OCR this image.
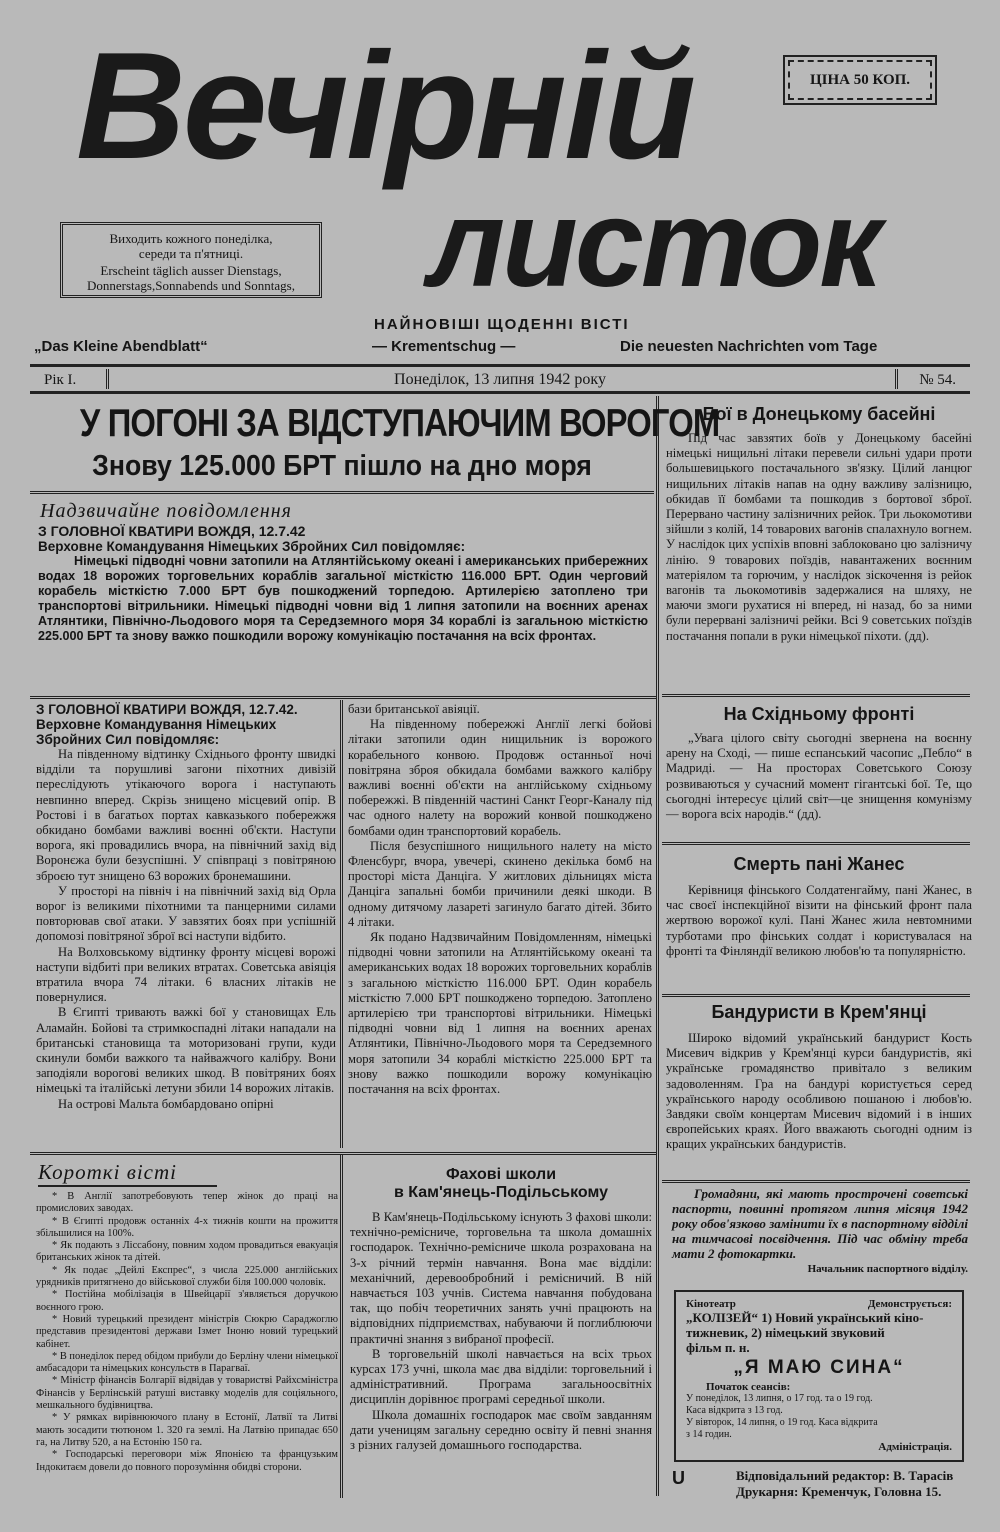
Вечірній
листок
ЦІНА 50 КОП.
Виходить кожного понеділка,
середи та п'ятниці.
Erscheint täglich ausser Dienstags,
Donnerstags,Sonnabends und Sonntags,
НАЙНОВІШІ ЩОДЕННІ ВІСТІ
„Das Kleine Abendblatt“	— Krementschug —	Die neuesten Nachrichten vom Tage
Рік І.	Понеділок, 13 липня 1942 року	№ 54.
У ПОГОНІ ЗА ВІДСТУПАЮЧИМ ВОРОГОМ
Знову 125.000 БРТ пішло на дно моря
Надзвичайне повідомлення
З ГОЛОВНОЇ КВАТИРИ ВОЖДЯ, 12.7.42
Верховне Командування Німецьких Збройних Сил повідомляє:

Німецькі підводні човни затопили на Атлянтійському океані і американських прибережних водах 18 ворожих торговельних кораблів загальної місткістю 116.000 БРТ. Один черговий корабель місткістю 7.000 БРТ був пошкоджений торпедою. Артилерією затоплено три транспортові вітрильники. Німецькі підводні човни від 1 липня затопили на воєнних аренах Атлянтики, Північно-Льодового моря та Середземного моря 34 кораблі із загальною місткістю 225.000 БРТ та знову важко пошкодили ворожу комунікацію постачання на всіх фронтах.

З ГОЛОВНОЇ КВАТИРИ ВОЖДЯ, 12.7.42.
Верховне Командування Німецьких Збройних Сил повідомляє:

На південному відтинку Східнього фронту швидкі відділи та порушливі загони піхотних дивізій переслідують утікаючого ворога і наступають невпинно вперед. Скрізь знищено місцевий опір. В Ростові і в багатьох портах кавказького побережжя обкидано бомбами важливі воєнні об'єкти. Наступи ворога, які провадились вчора, на північний захід від Воронєжа були безуспішні. У співпраці з повітряною зброєю тут знищено 63 ворожих бронемашини.

У просторі на північ і на північний захід від Орла ворог із великими піхотними та панцерними силами повторював свої атаки. У завзятих боях при успішній допомозі повітряної зброї всі наступи відбито.

На Волховському відтинку фронту місцеві ворожі наступи відбиті при великих втратах. Советська авіяція втратила вчора 74 літаки. 6 власних літаків не повернулися.

В Єгипті тривають важкі бої у становищах Ель Аламайн. Бойові та стримкоспадні літаки нападали на британські становища та моторизовані групи, куди скинули бомби важкого та найважчого калібру. Вони заподіяли ворогові великих шкод. В повітряних боях німецькі та італійські летуни збили 14 ворожих літаків.

На острові Мальта бомбардовано опірні

бази британської авіяції.

На південному побережжі Англії легкі бойові літаки затопили один нищильник із ворожого корабельного конвою. Продовж останньої ночі повітряна зброя обкидала бомбами важкого калібру важливі воєнні об'єкти на англійському східньому побережжі. В південній частині Санкт Георг-Каналу під час одного налету на ворожий конвой пошкоджено бомбами один транспортовий корабель.

Після безуспішного нищильного налету на місто Фленсбург, вчора, увечері, скинено декілька бомб на просторі міста Данціга. У житлових дільницях міста Данціга запальні бомби причинили деякі шкоди. В одному дитячому лазареті загинуло багато дітей. Збито 4 літаки.

Як подано Надзвичайним Повідомленням, німецькі підводні човни затопили на Атлянтійському океані та американських водах 18 ворожих торговельних кораблів з загальною місткістю 116.000 БРТ. Один корабель місткістю 7.000 БРТ пошкоджено торпедою. Затоплено артилерією три транспортові вітрильники. Німецькі підводні човни від 1 липня на воєнних аренах Атлянтики, Північно-Льодового моря та Середземного моря затопили 34 кораблі місткістю 225.000 БРТ та знову важко пошкодили ворожу комунікацію постачання на всіх фронтах.

Короткі вісті

* В Англії запотребовують тепер жінок до праці на промислових заводах.

* В Єгипті продовж останніх 4-х тижнів кошти на прожиття збільшилися на 100%.

* Як подають з Ліссабону, повним ходом провадиться евакуація британських жінок та дітей.

* Як подає „Дейлі Експрес“, з числа 225.000 англійських урядників притягнено до військової служби біля 100.000 чоловік.

* Постійна мобілізація в Швейцарії з'являється доручкою воєнного грою.

* Новий турецький президент міністрів Сюкрю Сараджоглю представив президентові держави Ізмет Іноню новий турецький кабінет.

* В понеділок перед обідом прибули до Берліну члени німецької амбасадори та німецьких консульств в Парагваї.

* Міністр фінансів Болгарії відвідав у товаристві Райхсміністра Фінансів у Берлінській ратуші виставку моделів для соціяльного, мешкального будівництва.

* У рямках вирівнюючого плану в Естонії, Латвії та Литві мають зосадити тютюном 1. 320 га землі. На Латвію припадає 650 га, на Литву 520, а на Естонію 150 га.

* Господарські переговори між Японією та французьким Індокитаєм довели до повного порозуміння обидві сторони.

Фахові школи
в Кам'янець-Подільському

В Кам'янець-Подільському існують 3 фахові школи: технічно-ремісниче, торговельна та школа домашніх господарок. Технічно-ремісниче школа розрахована на 3-х річний термін навчання. Вона має відділи: механічний, деревообробний і ремісничий. В ній навчається 103 учнів. Система навчання побудована так, що побіч теоретичних занять учні працюють на відповідних підприємствах, набуваючи й поглиблюючи практичні знання з вибраної професії.

В торговельній школі навчається на всіх трьох курсах 173 учні, школа має два відділи: торговельний і адміністративний. Програма загальноосвітніх дисциплін дорівнює програмі середньої школи.

Школа домашніх господарок має своїм завданням дати ученицям загальну середню освіту й певні знання з різних галузей домашнього господарства.

Бої в Донецькому басейні

Під час завзятих боїв у Донецькому басейні німецькі нищильні літаки перевели сильні удари проти большевицького постачального зв'язку. Цілий ланцюг нищильних літаків напав на одну важливу залізницю, обкидав її бомбами та пошкодив з бортової зброї. Перервано частину залізничних рейок. Три льокомотиви зійшли з колій, 14 товарових вагонів спалахнуло вогнем. У наслідок цих успіхів вповні заблоковано цю залізничу лінію. 9 товарових поїздів, навантажених воєнним матеріялом та горючим, у наслідок зіскочення із рейок вагонів та льокомотивів задержалися на шляху, не маючи змоги рухатися ні вперед, ні назад, бо за ними були перервані залізничі рейки. Всі 9 советських поїздів постачання попали в руки німецької піхоти. (дд).

На Східньому фронті

„Увага цілого світу сьогодні звернена на воєнну арену на Сході, — пише еспанський часопис „Пебло“ в Мадриді. — На просторах Советського Союзу розвиваються у сучасний момент гігантські бої. Те, що сьогодні інтересує цілий світ—це знищення комунізму — ворога всіх народів.“ (дд).

Смерть пані Жанес

Керівниця фінського Солдатенгайму, пані Жанес, в час своєї інспекційної візити на фінський фронт пала жертвою ворожої кулі. Пані Жанес жила невтомними турботами про фінських солдат і користувалася на фронті та Фінляндії великою любов'ю та популярністю.

Бандуристи в Крем'янці

Широко відомий український бандурист Кость Мисевич відкрив у Крем'янці курси бандуристів, які українське громадянство привітало з великим задоволенням. Гра на бандурі користується серед українського народу особливою пошаною і любов'ю. Завдяки своїм концертам Мисевич відомий і в інших європейських краях. Його вважають сьогодні одним із кращих українських бандуристів.

Громадяни, які мають прострочені советські паспорти, повинні протягом липня місяця 1942 року обов'язково замінити їх в паспортному відділі на тимчасові посвідчення. Під час обміну треба мати 2 фотокартки.

Начальник паспортного відділу.
Кінотеатр	Демонструється:
„КОЛІЗЕЙ“ 1) Новий український кіно-
тижневик, 2) німецький звуковий
фільм п. н.
„Я МАЮ СИНА“
Початок сеансів:
У понеділок, 13 липня, о 17 год. та о 19 год.
Каса відкрита з 13 год.
У вівторок, 14 липня, о 19 год. Каса відкрита
з 14 годин.
Адміністрація.
U	Відповідальний редактор: В. Тарасів
Друкарня: Кременчук, Головна 15.
